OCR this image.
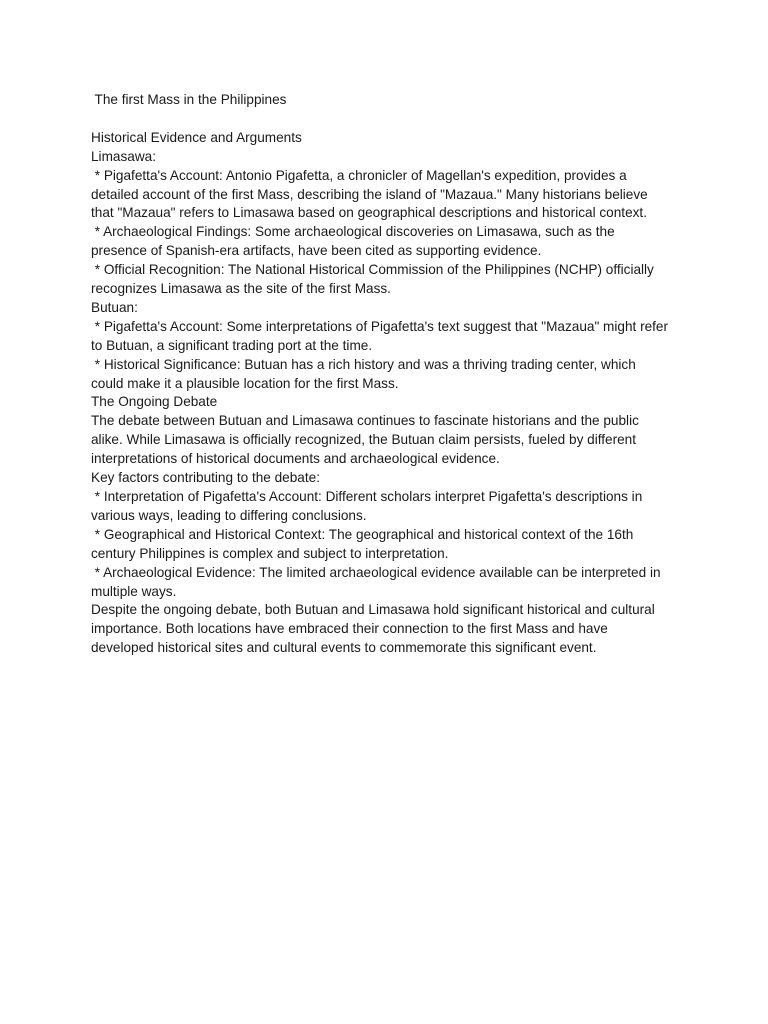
The first Mass in the Philippines
Historical Evidence and Arguments
Limasawa:
* Pigafetta's Account: Antonio Pigafetta, a chronicler of Magellan's expedition, provides a
detailed account of the first Mass, describing the island of "Mazaua." Many historians believe
that "Mazaua" refers to Limasawa based on geographical descriptions and historical context.
* Archaeological Findings: Some archaeological discoveries on Limasawa, such as the
presence of Spanish-era artifacts, have been cited as supporting evidence.
* Official Recognition: The National Historical Commission of the Philippines (NCHP) officially
recognizes Limasawa as the site of the first Mass.
Butuan:
* Pigafetta's Account: Some interpretations of Pigafetta's text suggest that "Mazaua" might refer
to Butuan, a significant trading port at the time.
* Historical Significance: Butuan has a rich history and was a thriving trading center, which
could make it a plausible location for the first Mass.
The Ongoing Debate
The debate between Butuan and Limasawa continues to fascinate historians and the public
alike. While Limasawa is officially recognized, the Butuan claim persists, fueled by different
interpretations of historical documents and archaeological evidence.
Key factors contributing to the debate:
* Interpretation of Pigafetta's Account: Different scholars interpret Pigafetta's descriptions in
various ways, leading to differing conclusions.
* Geographical and Historical Context: The geographical and historical context of the 16th
century Philippines is complex and subject to interpretation.
* Archaeological Evidence: The limited archaeological evidence available can be interpreted in
multiple ways.
Despite the ongoing debate, both Butuan and Limasawa hold significant historical and cultural
importance. Both locations have embraced their connection to the first Mass and have
developed historical sites and cultural events to commemorate this significant event.
